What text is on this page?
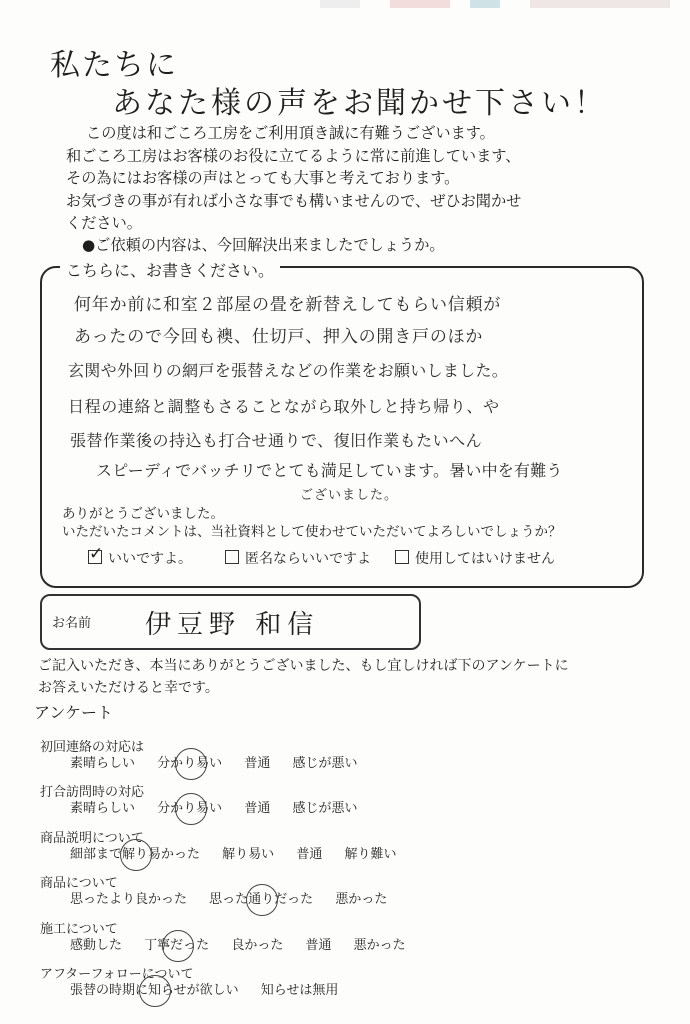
私たちに
あなた様の声をお聞かせ下さい！
この度は和ごころ工房をご利用頂き誠に有難うございます。
和ごころ工房はお客様のお役に立てるように常に前進しています、
その為にはお客様の声はとっても大事と考えております。
お気づきの事が有れば小さな事でも構いませんので、ぜひお聞かせ
ください。
●ご依頼の内容は、今回解決出来ましたでしょうか。
こちらに、お書きください。
何年か前に和室２部屋の畳を新替えしてもらい信頼が
あったので今回も襖、仕切戸、押入の開き戸のほか
玄関や外回りの網戸を張替えなどの作業をお願いしました。
日程の連絡と調整もさることながら取外しと持ち帰り、や
張替作業後の持込も打合せ通りで、復旧作業もたいへん
スピーディでバッチリでとても満足しています。暑い中を有難う
ございました。
ありがとうございました。
いただいたコメントは、当社資料として使わせていただいてよろしいでしょうか？
✓いいですよ。	匿名ならいいですよ	使用してはいけません
お名前 伊豆野 和信
ご記入いただき、本当にありがとうございました、もし宜しければ下のアンケートに
お答えいただけると幸です。
アンケート
初回連絡の対応は
素晴らしい 分かり易い 普通 感じが悪い
打合訪問時の対応
素晴らしい 分かり易い 普通 感じが悪い
商品説明について
細部まで解り易かった 解り易い 普通 解り難い
商品について
思ったより良かった 思った通りだった 悪かった
施工について
感動した 丁寧だった 良かった 普通 悪かった
アフターフォローについて
張替の時期に知らせが欲しい 知らせは無用
